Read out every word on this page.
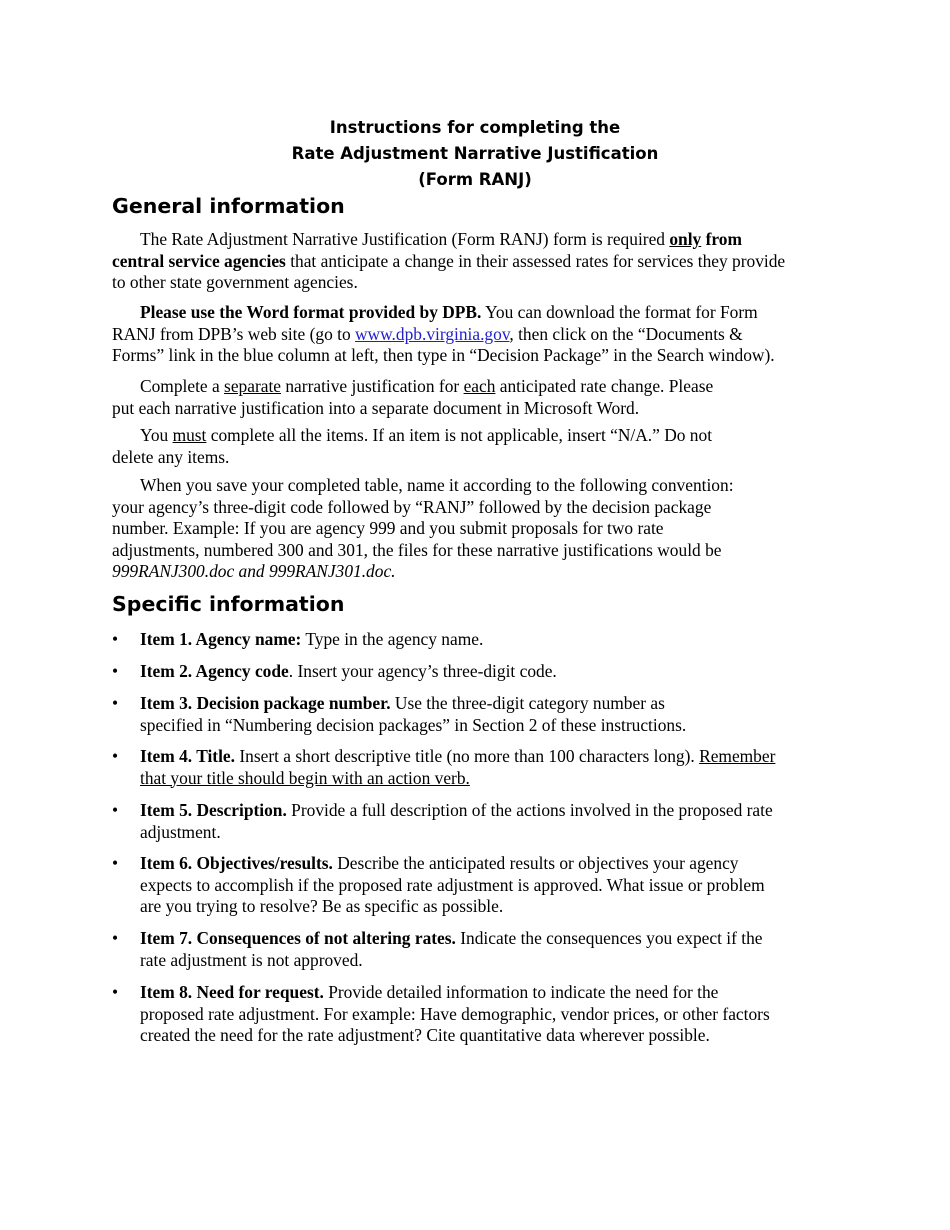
Instructions for completing the
Rate Adjustment Narrative Justification
(Form RANJ)
General information
The Rate Adjustment Narrative Justification (Form RANJ) form is required only from
central service agencies that anticipate a change in their assessed rates for services they provide
to other state government agencies.
Please use the Word format provided by DPB. You can download the format for Form
RANJ from DPB’s web site (go to www.dpb.virginia.gov, then click on the “Documents &
Forms” link in the blue column at left, then type in “Decision Package” in the Search window).
Complete a separate narrative justification for each anticipated rate change. Please
put each narrative justification into a separate document in Microsoft Word.
You must complete all the items. If an item is not applicable, insert “N/A.” Do not
delete any items.
When you save your completed table, name it according to the following convention:
your agency’s three-digit code followed by “RANJ” followed by the decision package
number. Example: If you are agency 999 and you submit proposals for two rate
adjustments, numbered 300 and 301, the files for these narrative justifications would be
999RANJ300.doc and 999RANJ301.doc.
Specific information
• Item 1. Agency name: Type in the agency name.
• Item 2. Agency code. Insert your agency’s three-digit code.
• Item 3. Decision package number. Use the three-digit category number as
specified in “Numbering decision packages” in Section 2 of these instructions.
• Item 4. Title. Insert a short descriptive title (no more than 100 characters long). Remember
that your title should begin with an action verb.
• Item 5. Description. Provide a full description of the actions involved in the proposed rate
adjustment.
• Item 6. Objectives/results. Describe the anticipated results or objectives your agency
expects to accomplish if the proposed rate adjustment is approved. What issue or problem
are you trying to resolve? Be as specific as possible.
• Item 7. Consequences of not altering rates. Indicate the consequences you expect if the
rate adjustment is not approved.
• Item 8. Need for request. Provide detailed information to indicate the need for the
proposed rate adjustment. For example: Have demographic, vendor prices, or other factors
created the need for the rate adjustment? Cite quantitative data wherever possible.
